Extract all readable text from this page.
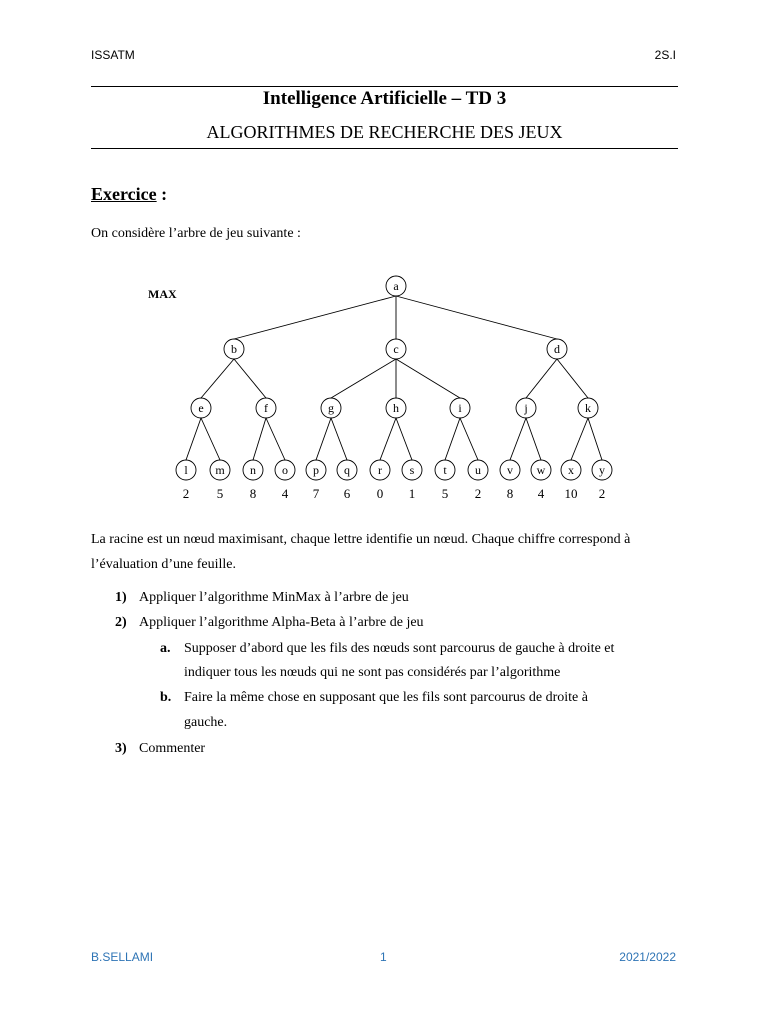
ISSATM	2S.I
Intelligence Artificielle – TD 3
ALGORITHMES DE RECHERCHE DES JEUX
Exercice :
On considère l’arbre de jeu suivante :
MAX
a
b	c	d
e	f	g	h	i	j	k
l
2
m
5
n
8
o
4
p
7
q
6
r
0
s
1
t
5
u
2
v
8
w
4
x
10
y
2
La racine est un nœud maximisant, chaque lettre identifie un nœud. Chaque chiffre correspond à l’évaluation d’une feuille.
1) Appliquer l’algorithme MinMax à l’arbre de jeu
2) Appliquer l’algorithme Alpha-Beta à l’arbre de jeu
a. Supposer d’abord que les fils des nœuds sont parcourus de gauche à droite et
indiquer tous les nœuds qui ne sont pas considérés par l’algorithme
b. Faire la même chose en supposant que les fils sont parcourus de droite à
gauche.
3) Commenter
B.SELLAMI	1	2021/2022
